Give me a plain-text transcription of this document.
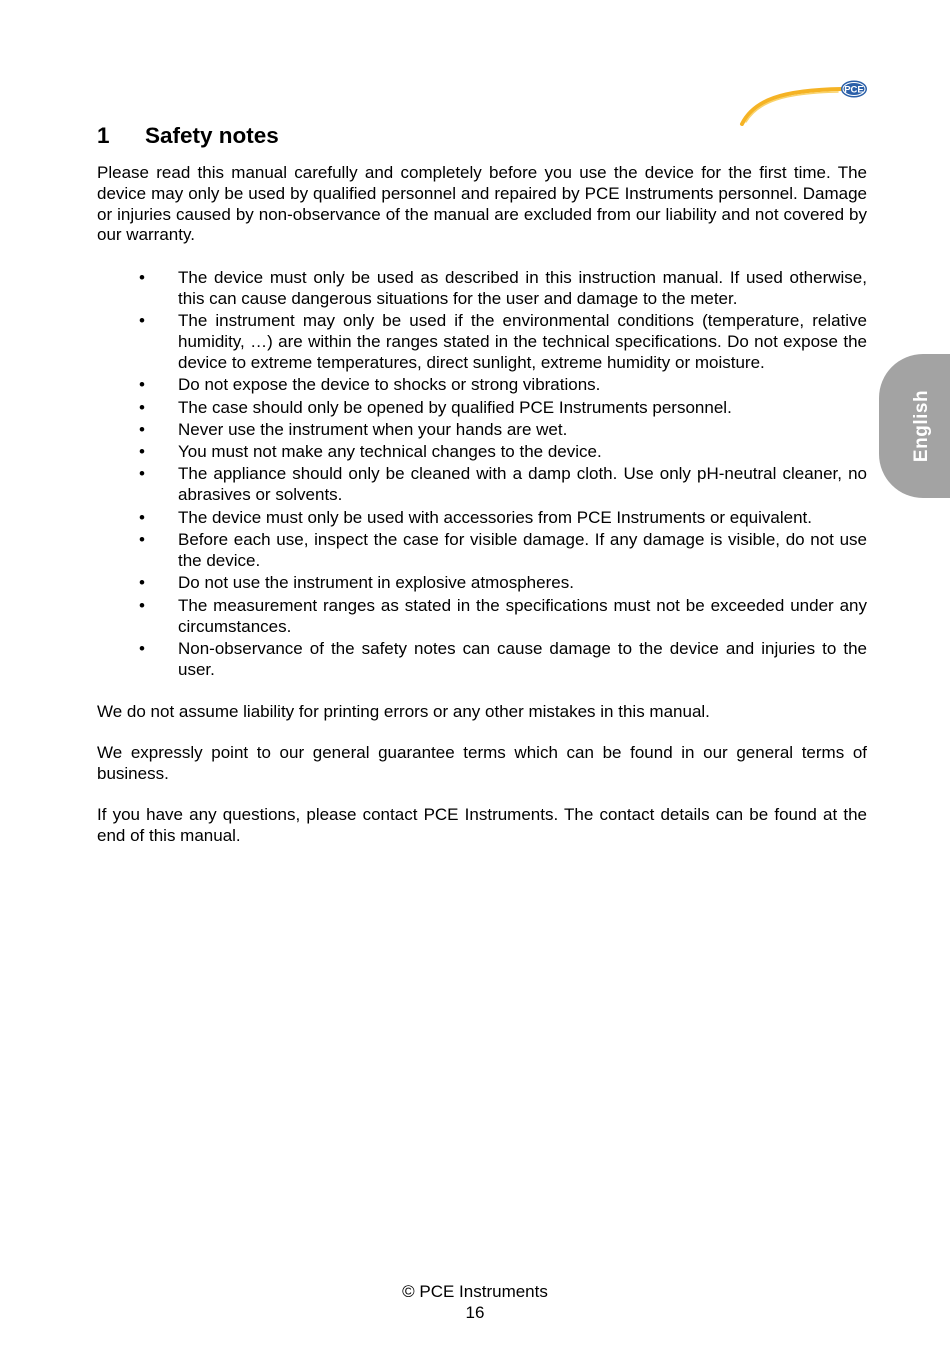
PCE
English
1	Safety notes

Please read this manual carefully and completely before you use the device for the first time. The device may only be used by qualified personnel and repaired by PCE Instruments personnel. Damage or injuries caused by non-observance of the manual are excluded from our liability and not covered by our warranty.

• The device must only be used as described in this instruction manual. If used otherwise, this can cause dangerous situations for the user and damage to the meter.
• The instrument may only be used if the environmental conditions (temperature, relative humidity, …) are within the ranges stated in the technical specifications. Do not expose the device to extreme temperatures, direct sunlight, extreme humidity or moisture.
• Do not expose the device to shocks or strong vibrations.
• The case should only be opened by qualified PCE Instruments personnel.
• Never use the instrument when your hands are wet.
• You must not make any technical changes to the device.
• The appliance should only be cleaned with a damp cloth. Use only pH-neutral cleaner, no abrasives or solvents.
• The device must only be used with accessories from PCE Instruments or equivalent.
• Before each use, inspect the case for visible damage. If any damage is visible, do not use the device.
• Do not use the instrument in explosive atmospheres.
• The measurement ranges as stated in the specifications must not be exceeded under any circumstances.
• Non-observance of the safety notes can cause damage to the device and injuries to the user.

We do not assume liability for printing errors or any other mistakes in this manual.

We expressly point to our general guarantee terms which can be found in our general terms of business.

If you have any questions, please contact PCE Instruments. The contact details can be found at the end of this manual.

© PCE Instruments
16
